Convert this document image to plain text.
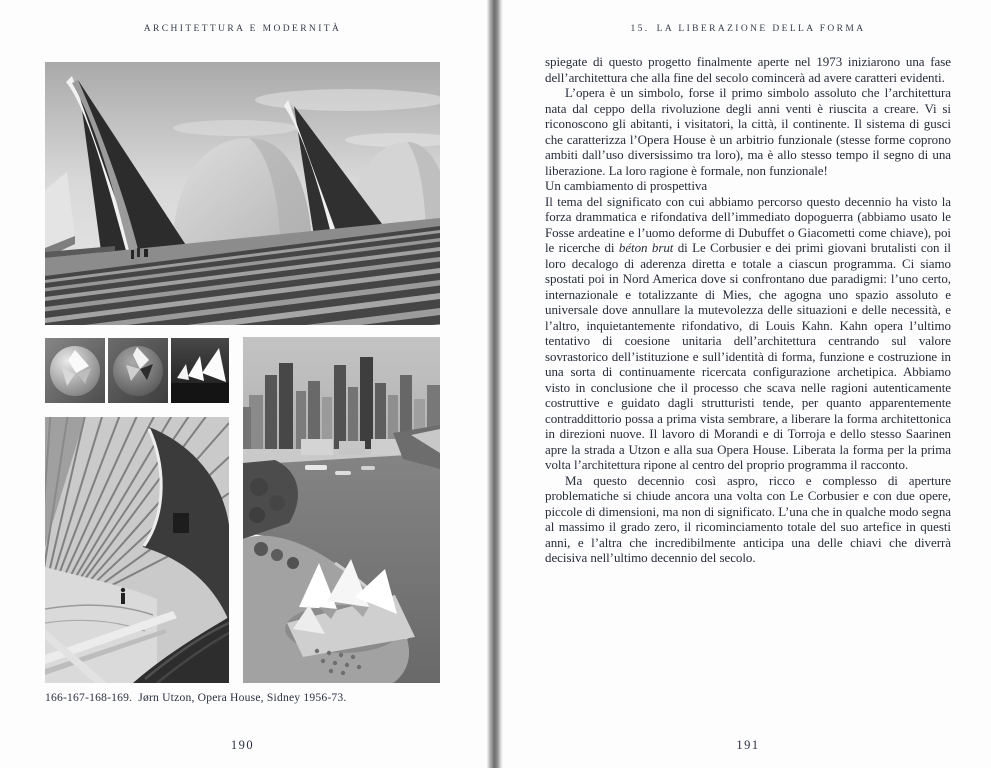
ARCHITETTURA E MODERNITÀ
166-167-168-169. Jørn Utzon, Opera House, Sidney 1956-73.
190
15. LA LIBERAZIONE DELLA FORMA

spiegate di questo progetto finalmente aperte nel 1973 iniziarono una fase dell’architettura che alla fine del secolo comincerà ad avere caratteri evidenti.

L’opera è un simbolo, forse il primo simbolo assoluto che l’architettura nata dal ceppo della rivoluzione degli anni venti è riuscita a creare. Vi si riconoscono gli abitanti, i visitatori, la città, il continente. Il sistema di gusci che caratterizza l’Opera House è un arbitrio funzionale (stesse forme coprono ambiti dall’uso diversissimo tra loro), ma è allo stesso tempo il segno di una liberazione. La loro ragione è formale, non funzionale!

Un cambiamento di prospettiva

Il tema del significato con cui abbiamo percorso questo decennio ha visto la forza drammatica e rifondativa dell’immediato dopoguerra (abbiamo usato le Fosse ardeatine e l’uomo deforme di Dubuffet o Giacometti come chiave), poi le ricerche di béton brut di Le Corbusier e dei primi giovani brutalisti con il loro decalogo di aderenza diretta e totale a ciascun programma. Ci siamo spostati poi in Nord America dove si confrontano due paradigmi: l’uno certo, internazionale e totalizzante di Mies, che agogna uno spazio assoluto e universale dove annullare la mutevolezza delle situazioni e delle necessità, e l’altro, inquietantemente rifondativo, di Louis Kahn. Kahn opera l’ultimo tentativo di coesione unitaria dell’architettura centrando sul valore sovrastorico dell’istituzione e sull’identità di forma, funzione e costruzione in una sorta di continuamente ricercata configurazione archetipica. Abbiamo visto in conclusione che il processo che scava nelle ragioni autenticamente costruttive e guidato dagli strutturisti tende, per quanto apparentemente contraddittorio possa a prima vista sembrare, a liberare la forma architettonica in direzioni nuove. Il lavoro di Morandi e di Torroja e dello stesso Saarinen apre la strada a Utzon e alla sua Opera House. Liberata la forma per la prima volta l’architettura ripone al centro del proprio programma il racconto.

Ma questo decennio così aspro, ricco e complesso di aperture problematiche si chiude ancora una volta con Le Corbusier e con due opere, piccole di dimensioni, ma non di significato. L’una che in qualche modo segna al massimo il grado zero, il ricominciamento totale del suo artefice in questi anni, e l’altra che incredibilmente anticipa una delle chiavi che diverrà decisiva nell’ultimo decennio del secolo.

191
